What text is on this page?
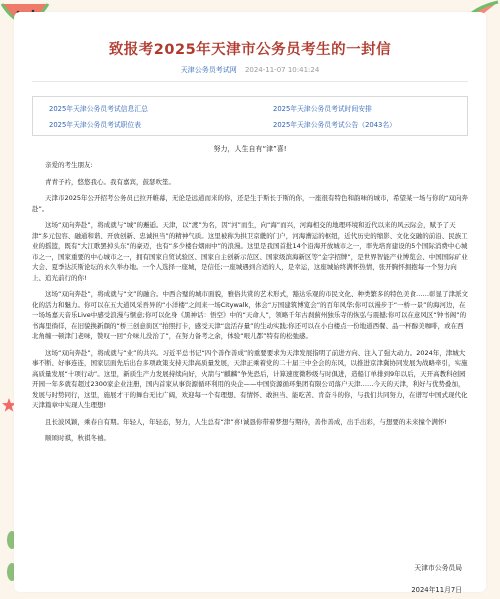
致报考2025年天津市公务员考生的一封信
天津公务员考试网 2024-11-07 10:41:24
2025年天津公务员考试信息汇总	2025年天津公务员考试时间安排
2025年天津公务员考试职位表	2025年天津公务员考试公告（2043名）
努力，人生自有“津”喜!

亲爱的考生朋友:

青青子衿，悠悠我心。我有嘉宾，鼓瑟吹笙。

天津市2025年公开招考公务员已拉开帷幕，无论是远道而来的你，还是生于斯长于斯的你，一座很有特色和韵味的城市，希望某一场与你的“双向奔赴”。

这场“双向奔赴”，将成就与“城”的邂逅。天津，以“渡”为名，因“河”而生，向“海”而兴，河海相交的地理环境和近代以来的风云际会，赋予了天津“多元包容、融通和谐、开放创新、忠诚担当”的精神气质。这里被称为拱卫京畿的门户，河海漕运的枢纽，近代历史的缩影、文化交融的前沿、民族工业的摇篮，既有“大江歌罢掉头东”的豪迈，也有“多少楼台烟雨中”的浪漫。这里是我国首批14个沿海开放城市之一，率先培育建设的5个国际消费中心城市之一，国家重要的中心城市之一，拥有国家自贸试验区、国家自主创新示范区、国家级滨海新区等“金字招牌”，是世界智能产业博览会、中国国际矿业大会、夏季达沃斯论坛的永久举办地。一个人选择一座城，是信任;一座城遇到合适的人，是幸运，这座城始终满怀热情，张开胸怀拥抱每一个努力向上、追光前行的你!

这场“双向奔赴”，将成就与“文”的融合。中西合璧的城市面貌，雅俗共赏的艺术形式，豁达乐观的市民文化、种类繁多的特色美食……彰显了津派文化的活力和魅力。你可以在五大道风采吾异的“小洋楼”之间来一场Citywalk，体会“万国建筑博览会”的百年风华;你可以漫步于“一桥一景”的海河边，在一场场嘉天音乐Live中感受浪漫与惬意;你可以化身《黑神话：悟空》中的“天命人”，领略千年古刹蓟州独乐寺的恢弘与震撼;你可以在意风区“钟书阁”的书海里徜徉，在旧貌换新颜的“桥三创意街区”拍照打卡，感受天津“盘活存量”的生动实践;你还可以在小白楼点一份地道西餐、品一杯醇美咖啡，或在西北角缠一顿津门老味，赞叹一回“介味儿没治了”，在努力备考之余，体验“哏儿都”特有的松弛感。

这场“双向奔赴”，将成就与“业”的共兴。习近平总书记“四个善作善成”的重要要求为天津发展指明了前进方向、注入了强大动力。2024年，津城大事不断、好事连连，国家层面先后出台多项政策支持天津高质量发展，天津正乘着党的二十届三中全会的东风，以推进京津冀协同发展为战略牵引，实施高质量发展“十项行动”。这里，新质生产力发展持续向好，火箭与“麒麟”争先恐后，计算速度微秒级与时俱进，造船订单排到9年以后，天开高教科创园开园一年多就有超过2300家企业注册，国内首家从事资源循环利用的央企——中国资源循环集团有限公司落户天津……今天的天津，利好与优势叠加，发展与时势同行，这里，施展才干的舞台无比广阔，欢迎每一个有理想、有情怀、敢担当、能吃苦、肯奋斗的你，与我们共同努力，在谱写中国式现代化天津篇章中实现人生理想!

且长波风颖，乘春自有期。年轻人，年轻态，努力，人生总有“津”喜!诚恳你带着梦想与期待，善作善成，出手出彩，与想要的未来撞个满怀!

顺颂时祺，秋祺冬禧。

天津市公务员局
2024年11月7日
